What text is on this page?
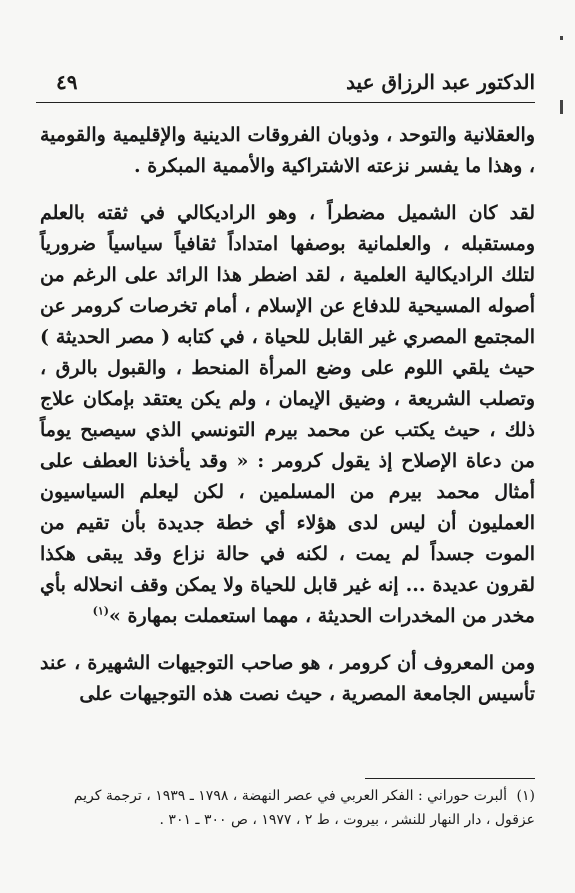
الدكتور عبد الرزاق عيد
٤٩

والعقلانية والتوحد ، وذوبان الفروقات الدينية والإقليمية والقومية ، وهذا ما يفسر نزعته الاشتراكية والأممية المبكرة .

لقد كان الشميل مضطراً ، وهو الراديكالي في ثقته بالعلم ومستقبله ، والعلمانية بوصفها امتداداً ثقافياً سياسياً ضرورياً لتلك الراديكالية العلمية ، لقد اضطر هذا الرائد على الرغم من أصوله المسيحية للدفاع عن الإسلام ، أمام تخرصات كرومر عن المجتمع المصري غير القابل للحياة ، في كتابه ( مصر الحديثة ) حيث يلقي اللوم على وضع المرأة المنحط ، والقبول بالرق ، وتصلب الشريعة ، وضيق الإيمان ، ولم يكن يعتقد بإمكان علاج ذلك ، حيث يكتب عن محمد بيرم التونسي الذي سيصبح يوماً من دعاة الإصلاح إذ يقول كرومر : « وقد يأخذنا العطف على أمثال محمد بيرم من المسلمين ، لكن ليعلم السياسيون العمليون أن ليس لدى هؤلاء أي خطة جديدة بأن تقيم من الموت جسداً لم يمت ، لكنه في حالة نزاع وقد يبقى هكذا لقرون عديدة ... إنه غير قابل للحياة ولا يمكن وقف انحلاله بأي مخدر من المخدرات الحديثة ، مهما استعملت بمهارة »$^{(١)}$

ومن المعروف أن كرومر ، هو صاحب التوجيهات الشهيرة ، عند تأسيس الجامعة المصرية ، حيث نصت هذه التوجيهات على

(١)ألبرت حوراني : الفكر العربي في عصر النهضة ، ١٧٩٨ ـ ١٩٣٩ ، ترجمة كريم عزقول ، دار النهار للنشر ، بيروت ، ط ٢ ، ١٩٧٧ ، ص ٣٠٠ ـ ٣٠١ .
